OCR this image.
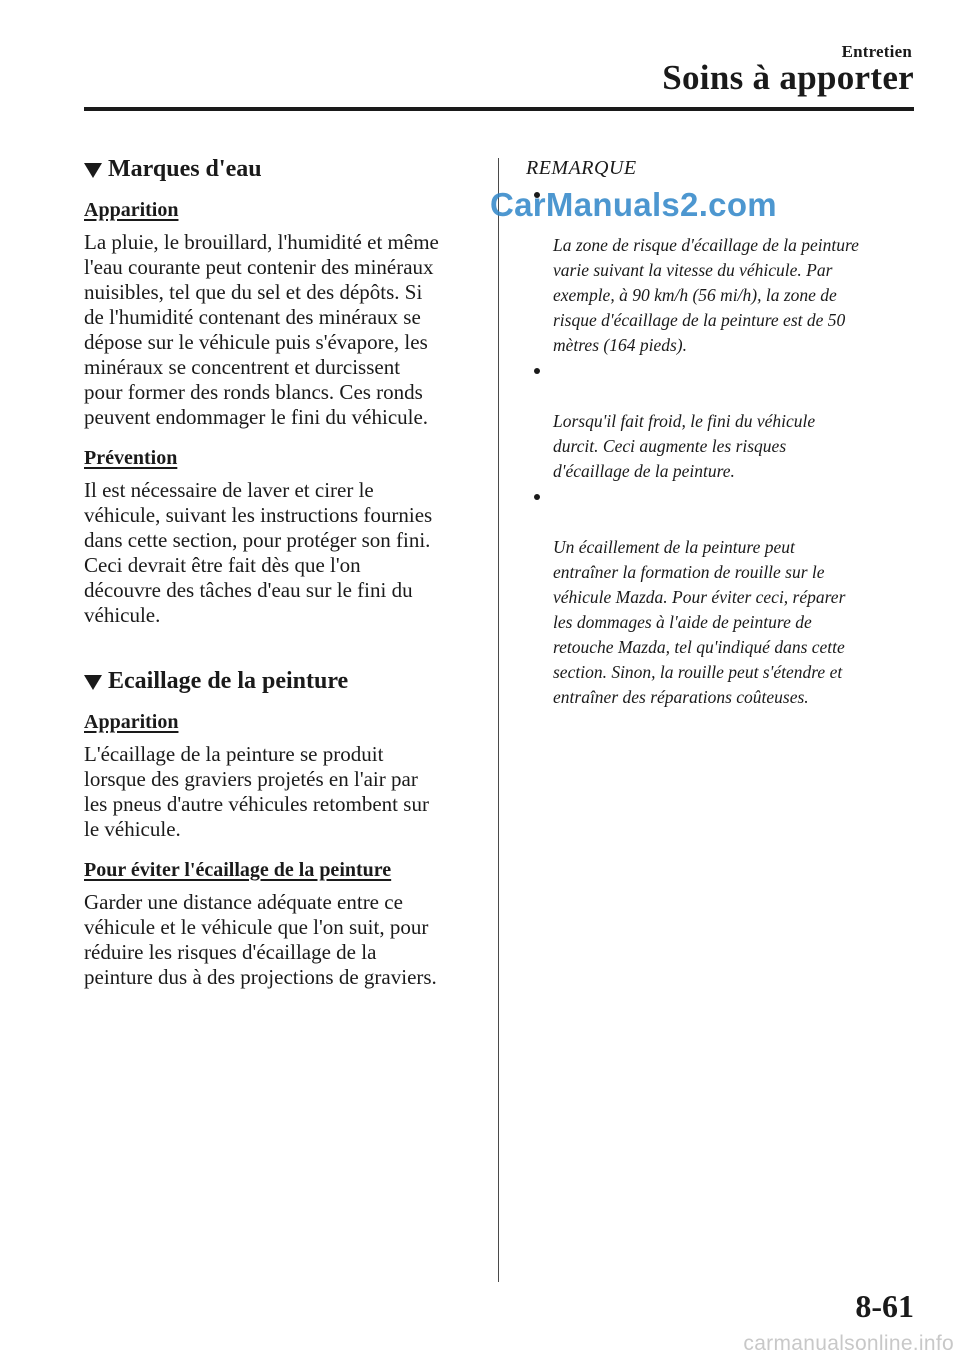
Entretien
Soins à apporter
Marques d'eau
Apparition

La pluie, le brouillard, l'humidité et même
l'eau courante peut contenir des minéraux
nuisibles, tel que du sel et des dépôts. Si
de l'humidité contenant des minéraux se
dépose sur le véhicule puis s'évapore, les
minéraux se concentrent et durcissent
pour former des ronds blancs. Ces ronds
peuvent endommager le fini du véhicule.

Prévention

Il est nécessaire de laver et cirer le
véhicule, suivant les instructions fournies
dans cette section, pour protéger son fini.
Ceci devrait être fait dès que l'on
découvre des tâches d'eau sur le fini du
véhicule.

Ecaillage de la peinture
Apparition

L'écaillage de la peinture se produit
lorsque des graviers projetés en l'air par
les pneus d'autre véhicules retombent sur
le véhicule.

Pour éviter l'écaillage de la peinture

Garder une distance adéquate entre ce
véhicule et le véhicule que l'on suit, pour
réduire les risques d'écaillage de la
peinture dus à des projections de graviers.

REMARQUE

La zone de risque d'écaillage de la peinture
varie suivant la vitesse du véhicule. Par
exemple, à 90 km/h (56 mi/h), la zone de
risque d'écaillage de la peinture est de 50
mètres (164 pieds).

Lorsqu'il fait froid, le fini du véhicule
durcit. Ceci augmente les risques
d'écaillage de la peinture.

Un écaillement de la peinture peut
entraîner la formation de rouille sur le
véhicule Mazda. Pour éviter ceci, réparer
les dommages à l'aide de peinture de
retouche Mazda, tel qu'indiqué dans cette
section. Sinon, la rouille peut s'étendre et
entraîner des réparations coûteuses.

CarManuals2.com
8-61
carmanualsonline.info
